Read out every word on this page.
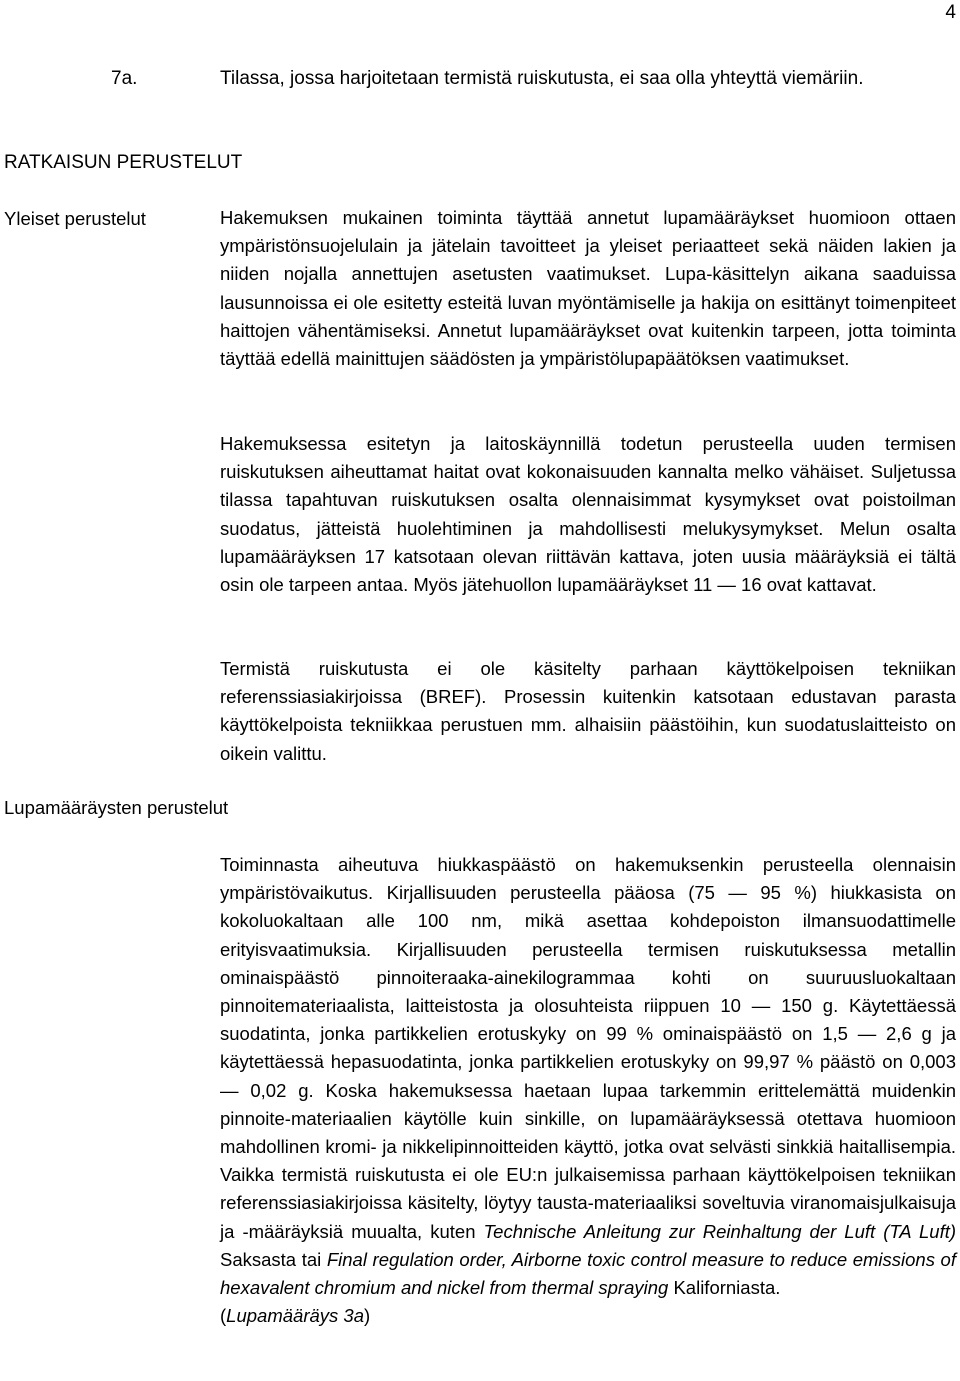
4
7a.	Tilassa, jossa harjoitetaan termistä ruiskutusta, ei saa olla yhteyttä viemäriin.
RATKAISUN PERUSTELUT
Yleiset perustelut
Lupamääräysten perustelut

Hakemuksen mukainen toiminta täyttää annetut lupamääräykset huomioon ottaen ympäristönsuojelulain ja jätelain tavoitteet ja yleiset periaatteet sekä näiden lakien ja niiden nojalla annettujen asetusten vaatimukset. Lupa-käsittelyn aikana saaduissa lausunnoissa ei ole esitetty esteitä luvan myöntämiselle ja hakija on esittänyt toimenpiteet haittojen vähentämiseksi. Annetut lupamääräykset ovat kuitenkin tarpeen, jotta toiminta täyttää edellä mainittujen säädösten ja ympäristölupapäätöksen vaatimukset.

Hakemuksessa esitetyn ja laitoskäynnillä todetun perusteella uuden termisen ruiskutuksen aiheuttamat haitat ovat kokonaisuuden kannalta melko vähäiset. Suljetussa tilassa tapahtuvan ruiskutuksen osalta olennaisimmat kysymykset ovat poistoilman suodatus, jätteistä huolehtiminen ja mahdollisesti melukysymykset. Melun osalta lupamääräyksen 17 katsotaan olevan riittävän kattava, joten uusia määräyksiä ei tältä osin ole tarpeen antaa. Myös jätehuollon lupamääräykset 11 — 16 ovat kattavat.

Termistä ruiskutusta ei ole käsitelty parhaan käyttökelpoisen tekniikan referenssiasiakirjoissa (BREF). Prosessin kuitenkin katsotaan edustavan parasta käyttökelpoista tekniikkaa perustuen mm. alhaisiin päästöihin, kun suodatuslaitteisto on oikein valittu.

Toiminnasta aiheutuva hiukkaspäästö on hakemuksenkin perusteella olennaisin ympäristövaikutus. Kirjallisuuden perusteella pääosa (75 — 95 %) hiukkasista on kokoluokaltaan alle 100 nm, mikä asettaa kohdepoiston ilmansuodattimelle erityisvaatimuksia. Kirjallisuuden perusteella termisen ruiskutuksessa metallin ominaispäästö pinnoiteraaka-ainekilogrammaa kohti on suuruusluokaltaan pinnoitemateriaalista, laitteistosta ja olosuhteista riippuen 10 — 150 g. Käytettäessä suodatinta, jonka partikkelien erotuskyky on 99 % ominaispäästö on 1,5 — 2,6 g ja käytettäessä hepasuodatinta, jonka partikkelien erotuskyky on 99,97 % päästö on 0,003 — 0,02 g. Koska hakemuksessa haetaan lupaa tarkemmin erittelemättä muidenkin pinnoite-materiaalien käytölle kuin sinkille, on lupamääräyksessä otettava huomioon mahdollinen kromi- ja nikkelipinnoitteiden käyttö, jotka ovat selvästi sinkkiä haitallisempia. Vaikka termistä ruiskutusta ei ole EU:n julkaisemissa parhaan käyttökelpoisen tekniikan referenssiasiakirjoissa käsitelty, löytyy tausta-materiaaliksi soveltuvia viranomaisjulkaisuja ja -määräyksiä muualta, kuten Technische Anleitung zur Reinhaltung der Luft (TA Luft) Saksasta tai Final regulation order, Airborne toxic control measure to reduce emissions of hexavalent chromium and nickel from thermal spraying Kaliforniasta.
(Lupamääräys 3a)
